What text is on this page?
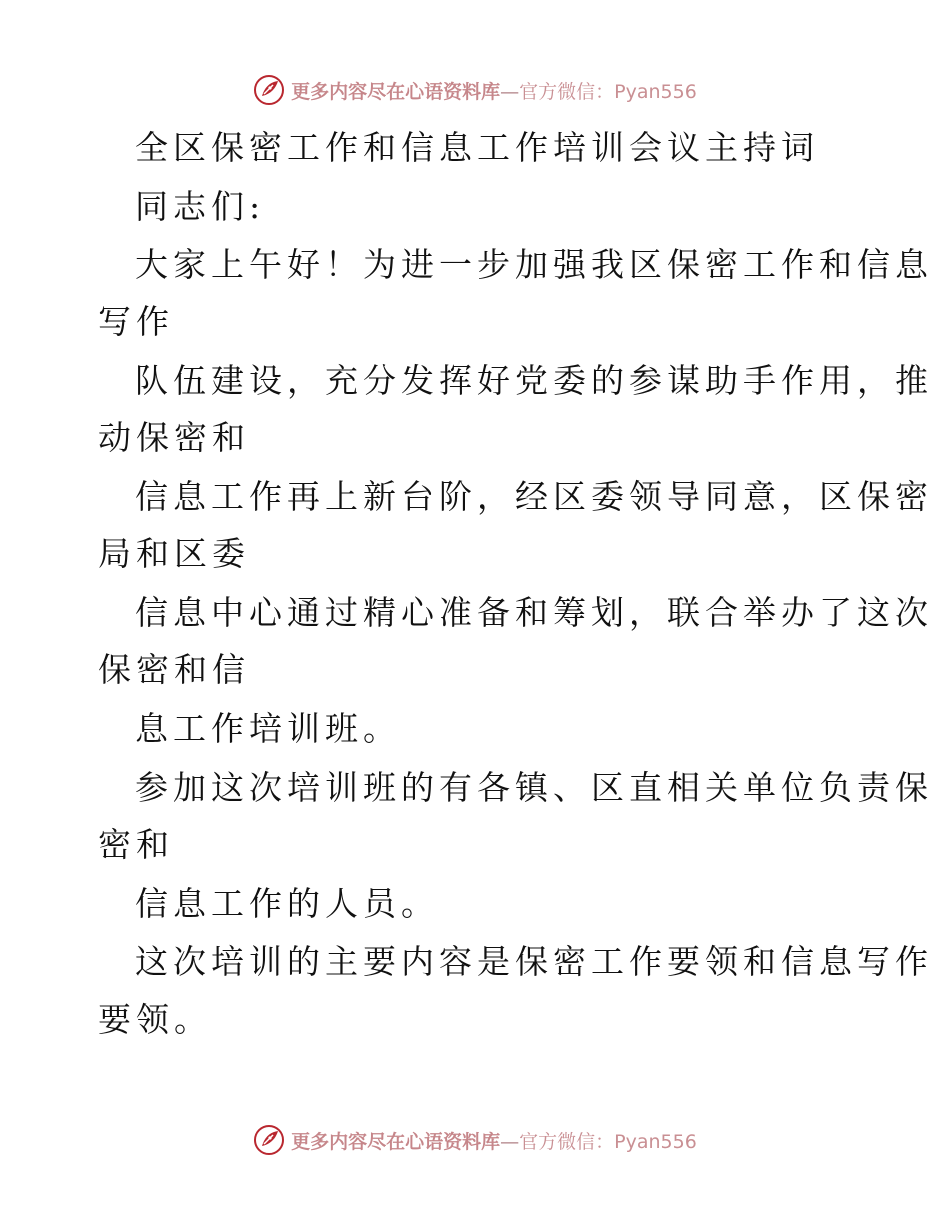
更多内容尽在心语资料库—官方微信：Pyan556
全区保密工作和信息工作培训会议主持词
同志们:
大家上午好！为进一步加强我区保密工作和信息
写作
队伍建设，充分发挥好党委的参谋助手作用，推
动保密和
信息工作再上新台阶，经区委领导同意，区保密
局和区委
信息中心通过精心准备和筹划，联合举办了这次
保密和信
息工作培训班。
参加这次培训班的有各镇、区直相关单位负责保
密和
信息工作的人员。
这次培训的主要内容是保密工作要领和信息写作
要领。
更多内容尽在心语资料库—官方微信：Pyan556
